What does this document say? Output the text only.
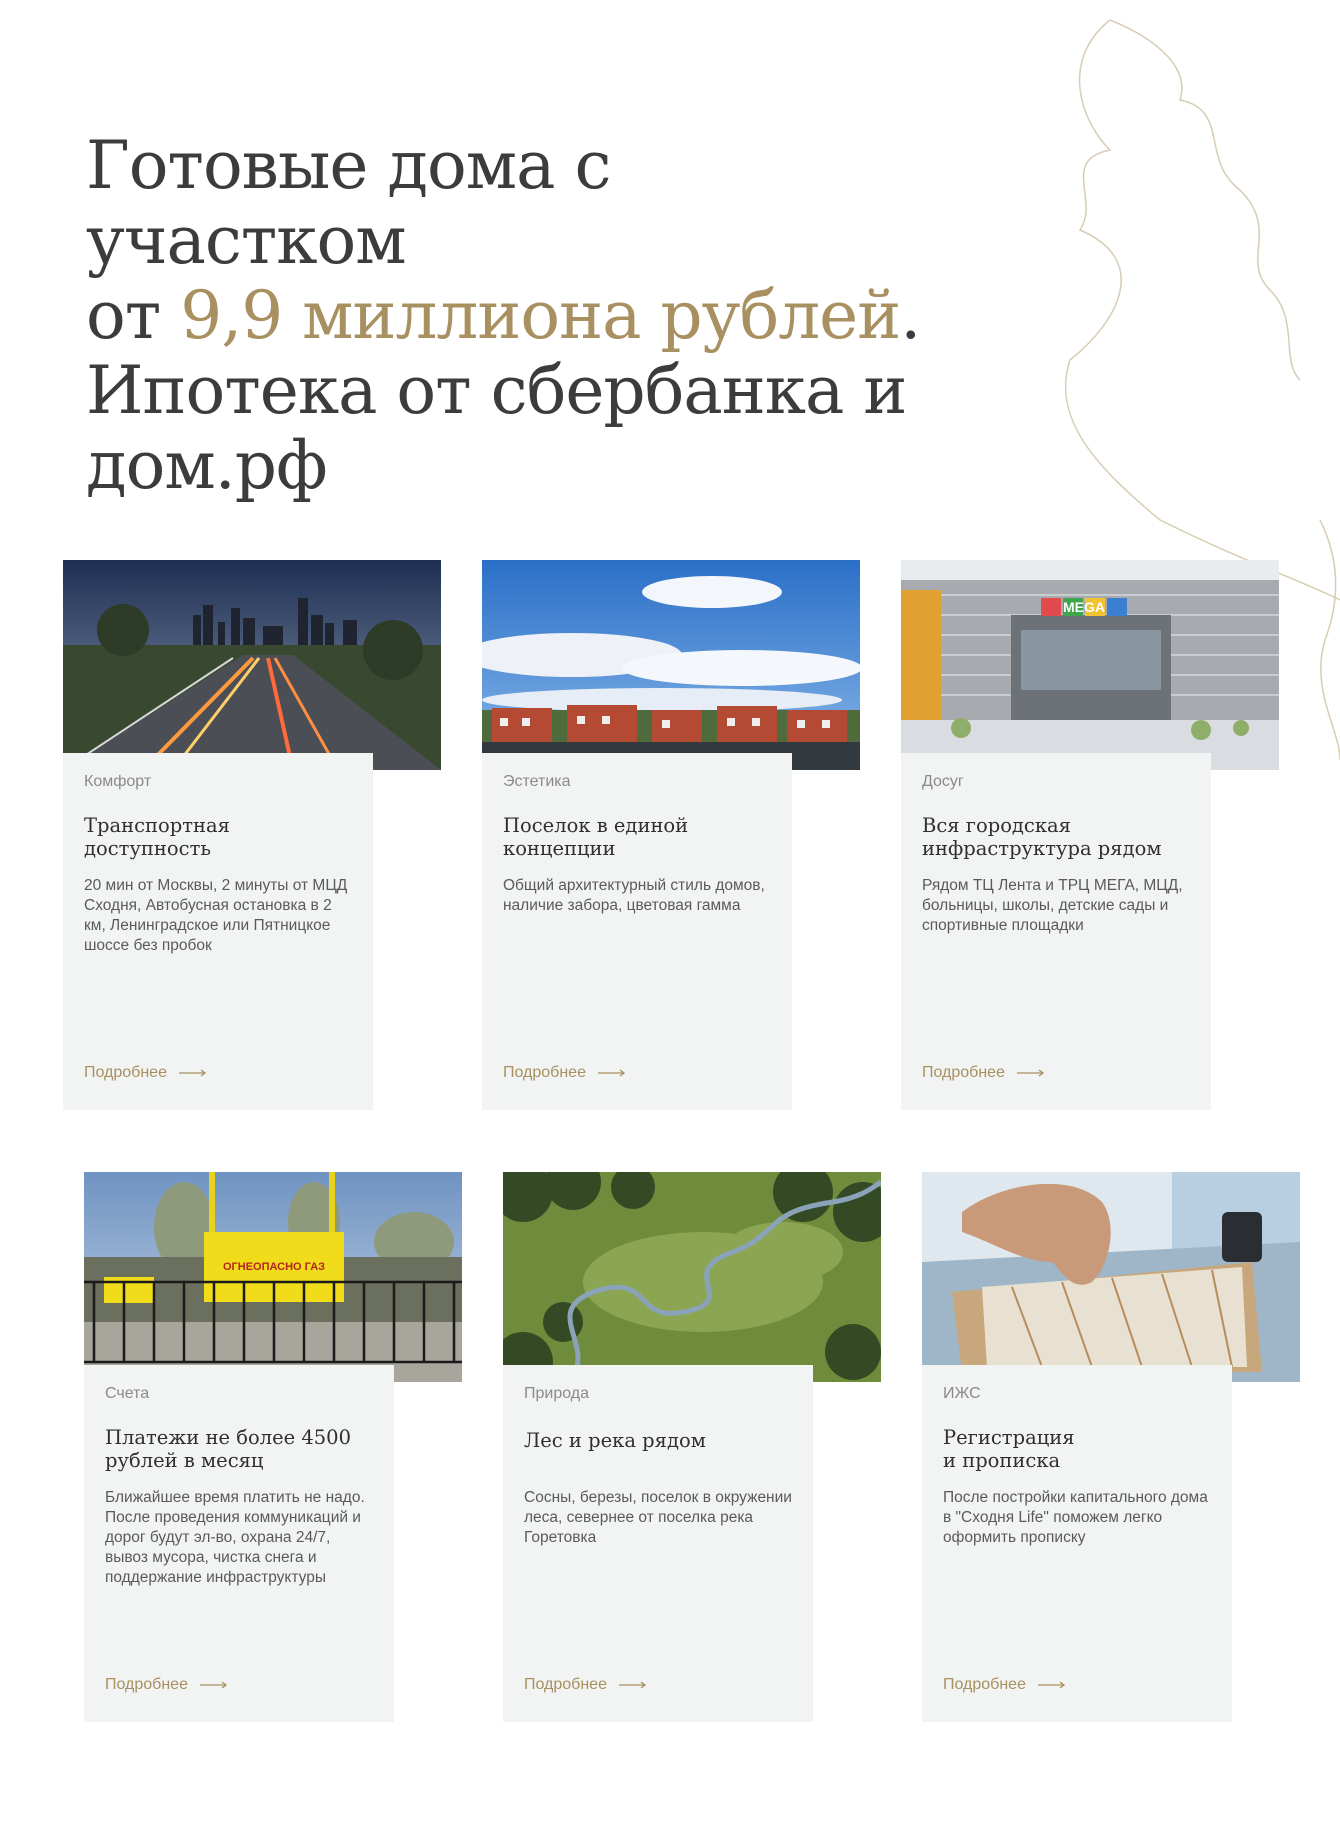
Готовые дома с участком
от 9,9 миллиона рублей.
Ипотека от сбербанка и
дом.рф
Комфорт
Транспортная
доступность
20 мин от Москвы, 2 минуты от МЦД Сходня, Автобусная остановка в 2 км, Ленинградское или Пятницкое шоссе без пробок
Подробнее
Эстетика
Поселок в единой
концепции
Общий архитектурный стиль домов, наличие забора, цветовая гамма
Подробнее
MEGA
Досуг
Вся городская
инфраструктура рядом
Рядом ТЦ Лента и ТРЦ МЕГА, МЦД, больницы, школы, детские сады и спортивные площадки
Подробнее
ОГНЕОПАСНО ГАЗ
Счета
Платежи не более 4500
рублей в месяц
Ближайшее время платить не надо. После проведения коммуникаций и дорог будут эл-во, охрана 24/7, вывоз мусора, чистка снега и поддержание инфраструктуры
Подробнее
Природа
Лес и река рядом
Сосны, березы, поселок в окружении леса, севернее от поселка река Горетовка
Подробнее
ИЖС
Регистрация
и прописка
После постройки капитального дома в "Сходня Life" поможем легко оформить прописку
Подробнее
